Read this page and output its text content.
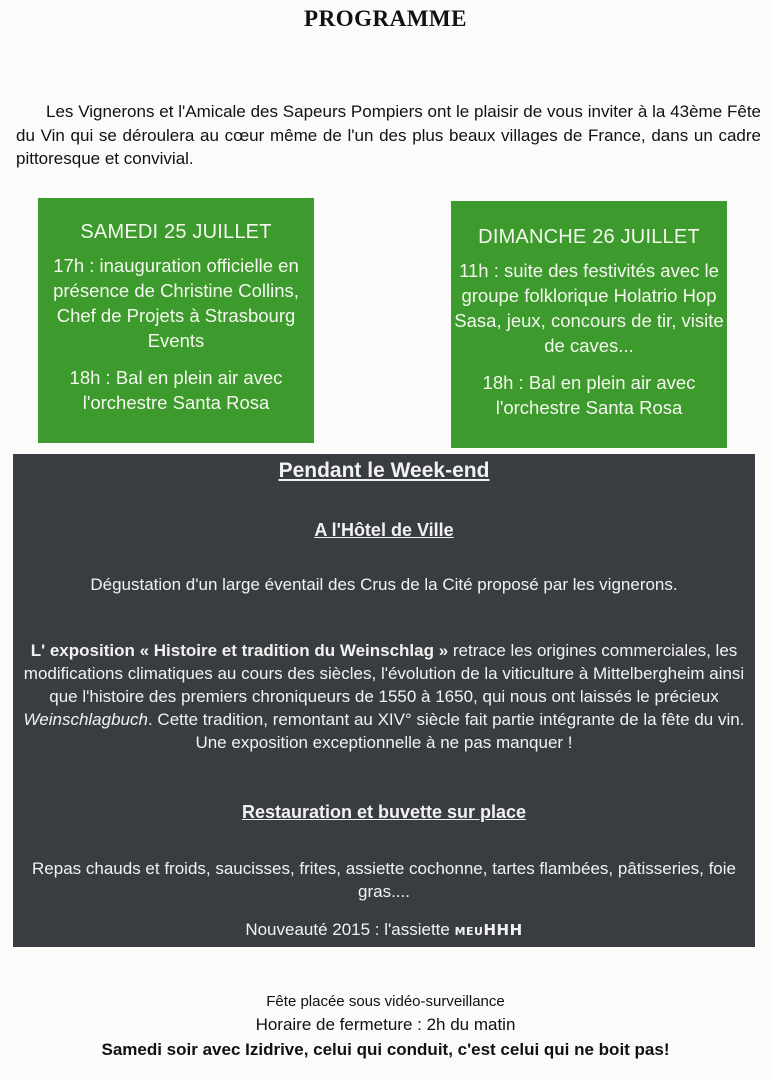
PROGRAMME
Les Vignerons et l'Amicale des Sapeurs Pompiers ont le plaisir de vous inviter à la 43ème Fête du Vin qui se déroulera au cœur même de l'un des plus beaux villages de France, dans un cadre pittoresque et convivial.
SAMEDI 25 JUILLET

17h : inauguration officielle en présence de Christine Collins, Chef de Projets à Strasbourg Events

18h : Bal en plein air avec l'orchestre Santa Rosa

DIMANCHE 26 JUILLET

11h : suite des festivités avec le groupe folklorique Holatrio Hop Sasa, jeux, concours de tir, visite de caves...

18h : Bal en plein air avec l'orchestre Santa Rosa

Pendant le Week-end
A l'Hôtel de Ville
Dégustation d'un large éventail des Crus de la Cité proposé par les vignerons.
L' exposition « Histoire et tradition du Weinschlag » retrace les origines commerciales, les modifications climatiques au cours des siècles, l'évolution de la viticulture à Mittelbergheim ainsi que l'histoire des premiers chroniqueurs de 1550 à 1650, qui nous ont laissés le précieux Weinschlagbuch. Cette tradition, remontant au XIV° siècle fait partie intégrante de la fête du vin.
Une exposition exceptionnelle à ne pas manquer !
Restauration et buvette sur place
Repas chauds et froids, saucisses, frites, assiette cochonne, tartes flambées, pâtisseries, foie gras....
Nouveauté 2015 : l'assiette MEUHHH
Fête placée sous vidéo-surveillance
Horaire de fermeture : 2h du matin
Samedi soir avec Izidrive, celui qui conduit, c'est celui qui ne boit pas!
